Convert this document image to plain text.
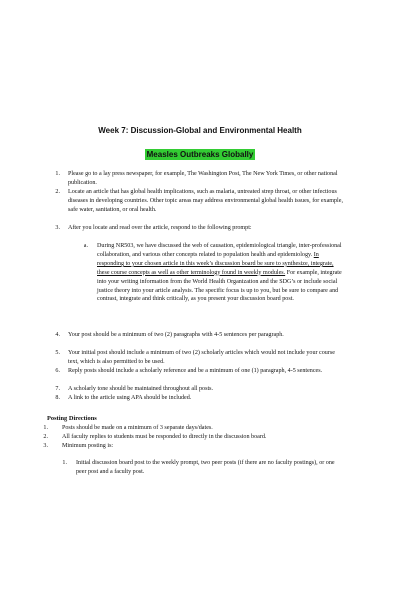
Week 7: Discussion-Global and Environmental Health
Measles Outbreaks Globally
1. Please go to a lay press newspaper, for example, The Washington Post, The New York Times, or other national publication.
2. Locate an article that has global health implications, such as malaria, untreated strep throat, or other infectious diseases in developing countries. Other topic areas may address environmental global health issues, for example, safe water, sanitation, or oral health.
3. After you locate and read over the article, respond to the following prompt:
a. During NR503, we have discussed the web of causation, epidemiological triangle, inter-professional collaboration, and various other concepts related to population health and epidemiology. In responding to your chosen article in this week’s discussion board be sure to synthesize, integrate, these course concepts as well as other terminology found in weekly modules. For example, integrate into your writing information from the World Health Organization and the SDG’s or include social justice theory into your article analysis. The specific focus is up to you, but be sure to compare and contrast, integrate and think critically, as you present your discussion board post.
4. Your post should be a minimum of two (2) paragraphs with 4-5 sentences per paragraph.
5. Your initial post should include a minimum of two (2) scholarly articles which would not include your course text, which is also permitted to be used.
6. Reply posts should include a scholarly reference and be a minimum of one (1) paragraph, 4-5 sentences.
7. A scholarly tone should be maintained throughout all posts.
8. A link to the article using APA should be included.
Posting Directions
1. Posts should be made on a minimum of 3 separate days/dates.
2. All faculty replies to students must be responded to directly in the discussion board.
3. Minimum posting is:
1. Initial discussion board post to the weekly prompt, two peer posts (if there are no faculty postings), or one peer post and a faculty post.
